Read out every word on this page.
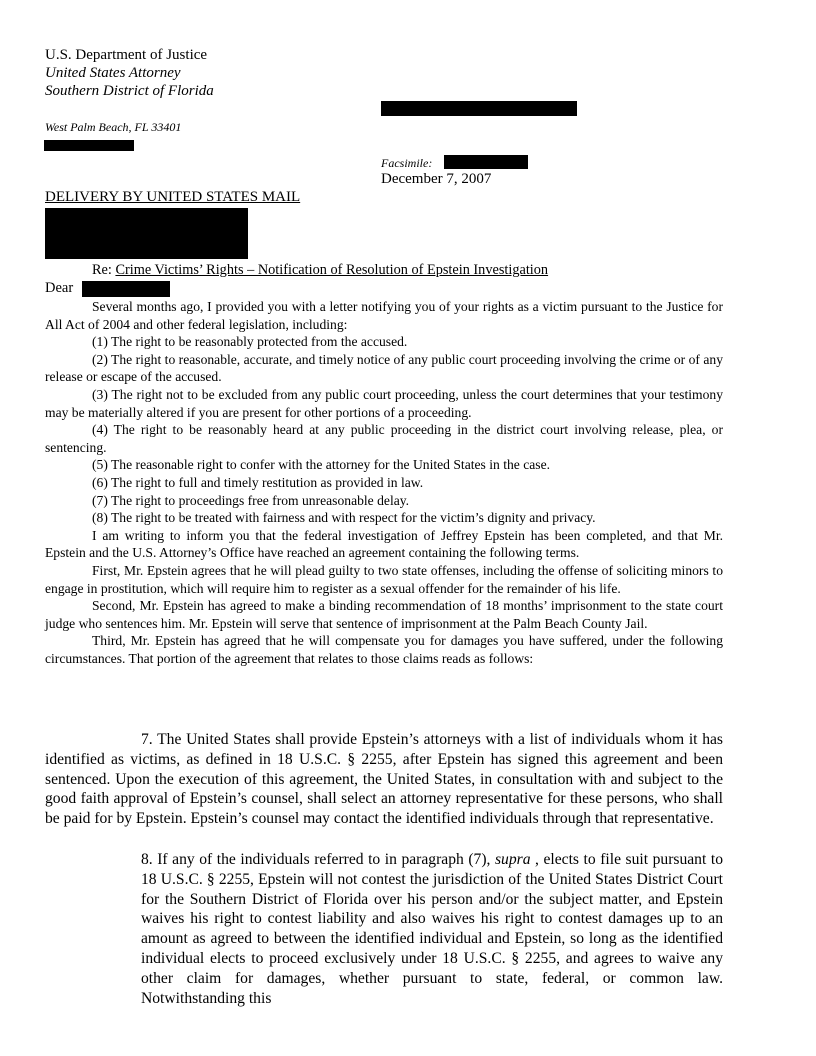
U.S. Department of Justice
United States Attorney
Southern District of Florida
West Palm Beach, FL 33401
Facsimile:
December 7, 2007
DELIVERY BY UNITED STATES MAIL
Re: Crime Victims’ Rights – Notification of Resolution of Epstein Investigation
Dear

Several months ago, I provided you with a letter notifying you of your rights as a victim pursuant to the Justice for All Act of 2004 and other federal legislation, including:

(1) The right to be reasonably protected from the accused.

(2) The right to reasonable, accurate, and timely notice of any public court proceeding involving the crime or of any release or escape of the accused.

(3) The right not to be excluded from any public court proceeding, unless the court determines that your testimony may be materially altered if you are present for other portions of a proceeding.

(4) The right to be reasonably heard at any public proceeding in the district court involving release, plea, or sentencing.

(5) The reasonable right to confer with the attorney for the United States in the case.

(6) The right to full and timely restitution as provided in law.

(7) The right to proceedings free from unreasonable delay.

(8) The right to be treated with fairness and with respect for the victim’s dignity and privacy.

I am writing to inform you that the federal investigation of Jeffrey Epstein has been completed, and that Mr. Epstein and the U.S. Attorney’s Office have reached an agreement containing the following terms.

First, Mr. Epstein agrees that he will plead guilty to two state offenses, including the offense of soliciting minors to engage in prostitution, which will require him to register as a sexual offender for the remainder of his life.

Second, Mr. Epstein has agreed to make a binding recommendation of 18 months’ imprisonment to the state court judge who sentences him. Mr. Epstein will serve that sentence of imprisonment at the Palm Beach County Jail.

Third, Mr. Epstein has agreed that he will compensate you for damages you have suffered, under the following circumstances. That portion of the agreement that relates to those claims reads as follows:

7. The United States shall provide Epstein’s attorneys with a list of individuals whom it has identified as victims, as defined in 18 U.S.C. § 2255, after Epstein has signed this agreement and been sentenced. Upon the execution of this agreement, the United States, in consultation with and subject to the good faith approval of Epstein’s counsel, shall select an attorney representative for these persons, who shall be paid for by Epstein. Epstein’s counsel may contact the identified individuals through that representative.

8. If any of the individuals referred to in paragraph (7), supra , elects to file suit pursuant to 18 U.S.C. § 2255, Epstein will not contest the jurisdiction of the United States District Court for the Southern District of Florida over his person and/or the subject matter, and Epstein waives his right to contest liability and also waives his right to contest damages up to an amount as agreed to between the identified individual and Epstein, so long as the identified individual elects to proceed exclusively under 18 U.S.C. § 2255, and agrees to waive any other claim for damages, whether pursuant to state, federal, or common law. Notwithstanding this
